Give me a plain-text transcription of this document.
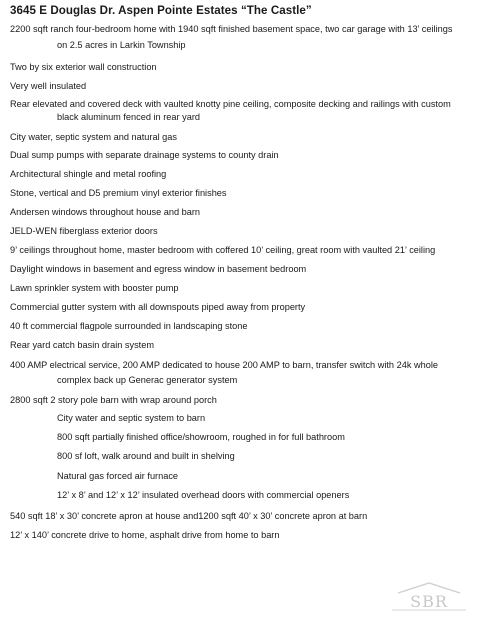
3645 E Douglas Dr. Aspen Pointe Estates “The Castle”
2200 sqft ranch four-bedroom home with 1940 sqft finished basement space, two car garage with 13’ ceilings
on 2.5 acres in Larkin Township
Two by six exterior wall construction
Very well insulated
Rear elevated and covered deck with vaulted knotty pine ceiling, composite decking and railings with custom
black aluminum fenced in rear yard
City water, septic system and natural gas
Dual sump pumps with separate drainage systems to county drain
Architectural shingle and metal roofing
Stone, vertical and D5 premium vinyl exterior finishes
Andersen windows throughout house and barn
JELD-WEN fiberglass exterior doors
9’ ceilings throughout home, master bedroom with coffered 10’ ceiling, great room with vaulted 21’ ceiling
Daylight windows in basement and egress window in basement bedroom
Lawn sprinkler system with booster pump
Commercial gutter system with all downspouts piped away from property
40 ft commercial flagpole surrounded in landscaping stone
Rear yard catch basin drain system
400 AMP electrical service, 200 AMP dedicated to house 200 AMP to barn, transfer switch with 24k whole
complex back up Generac generator system
2800 sqft 2 story pole barn with wrap around porch
City water and septic system to barn
800 sqft partially finished office/showroom, roughed in for full bathroom
800 sf loft, walk around and built in shelving
Natural gas forced air furnace
12’ x 8’ and 12’ x 12’ insulated overhead doors with commercial openers
540 sqft 18’ x 30’ concrete apron at house and1200 sqft 40’ x 30’ concrete apron at barn
12’ x 140’ concrete drive to home, asphalt drive from home to barn
SBR
